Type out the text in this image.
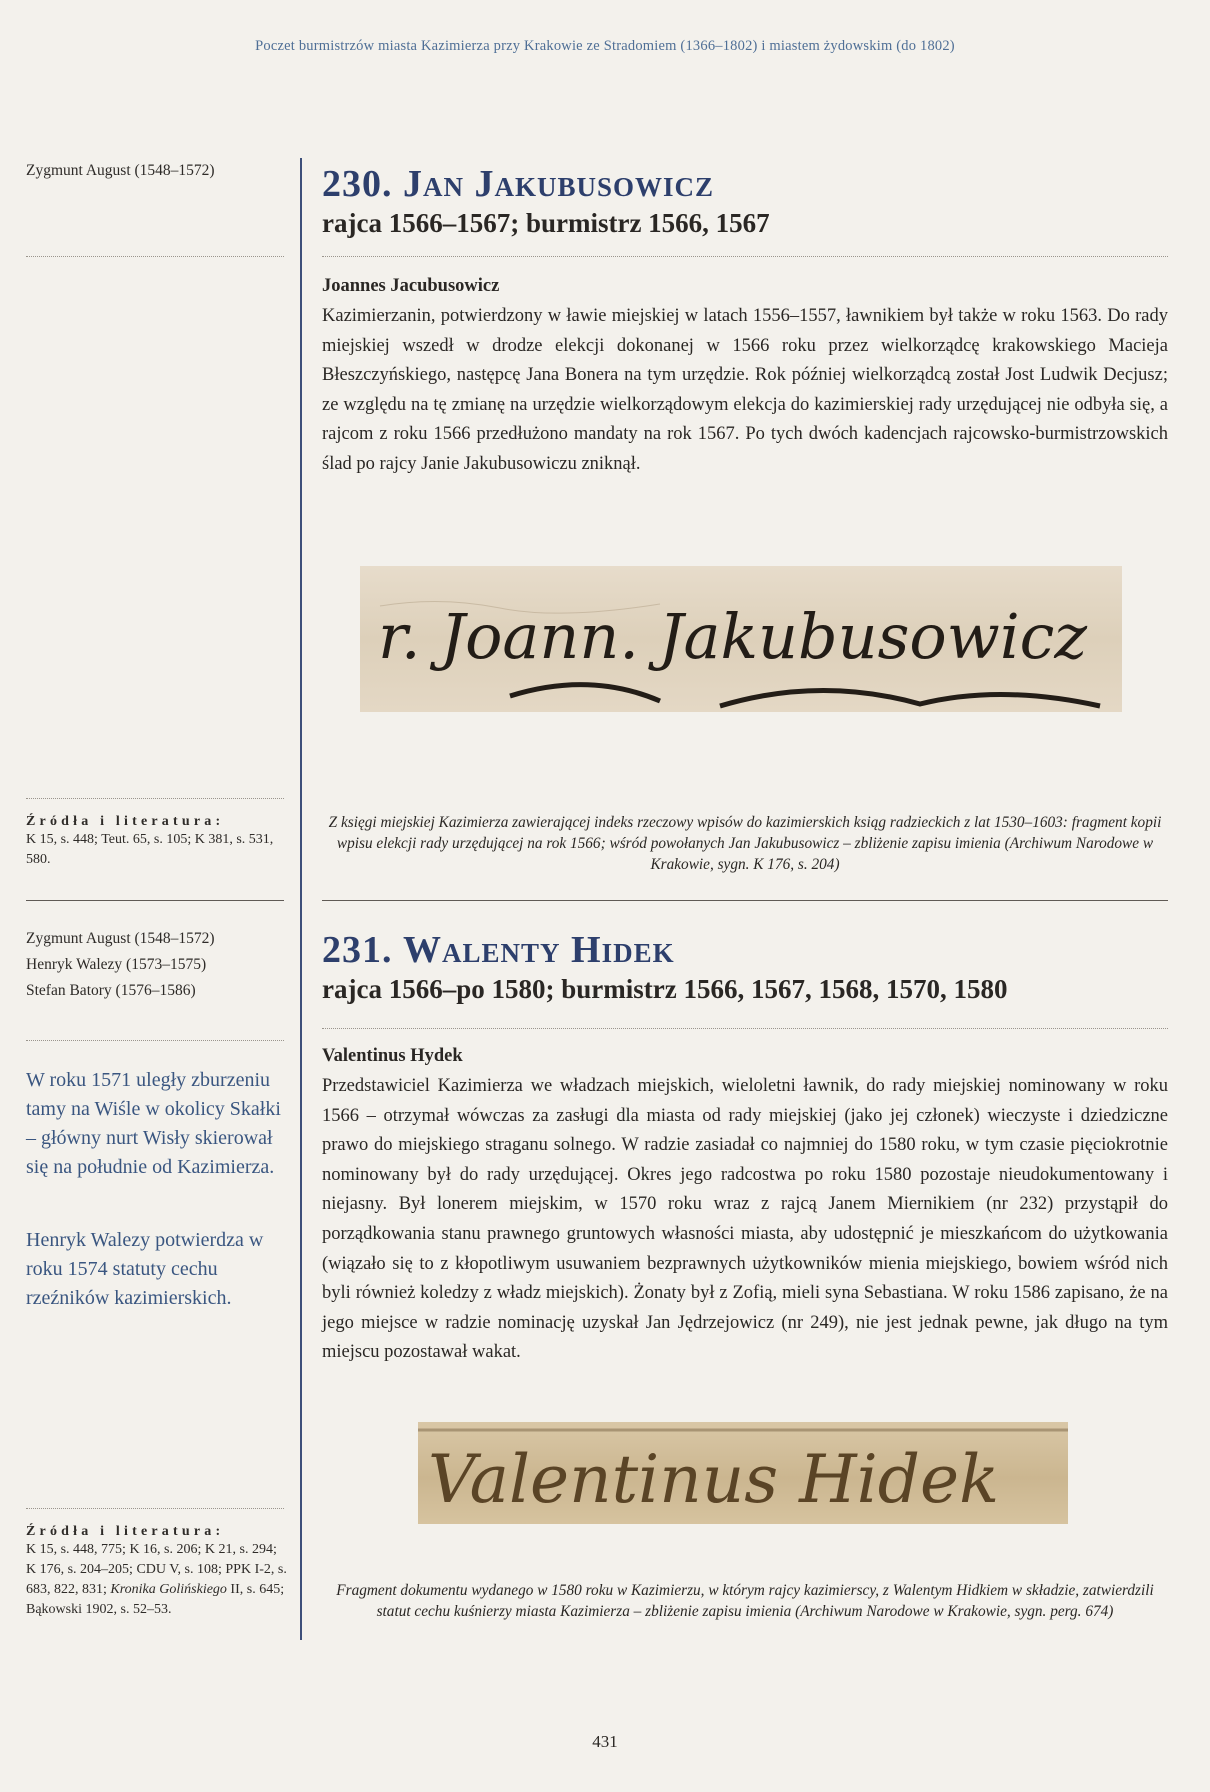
Poczet burmistrzów miasta Kazimierza przy Krakowie ze Stradomiem (1366–1802) i miastem żydowskim (do 1802)
Zygmunt August (1548–1572)
Źródła i literatura:
K 15, s. 448; Teut. 65, s. 105; K 381, s. 531, 580.
Zygmunt August (1548–1572)
Henryk Walezy (1573–1575)
Stefan Batory (1576–1586)
W roku 1571 uległy zburzeniu tamy na Wiśle w okolicy Skałki – główny nurt Wisły skierował się na południe od Kazimierza.
Henryk Walezy potwierdza w roku 1574 statuty cechu rzeźników kazimierskich.
Źródła i literatura:
K 15, s. 448, 775; K 16, s. 206; K 21, s. 294; K 176, s. 204–205; CDU V, s. 108; PPK I-2, s. 683, 822, 831; Kronika Golińskiego II, s. 645; Bąkowski 1902, s. 52–53.
230. Jan Jakubusowicz
rajca 1566–1567; burmistrz 1566, 1567
Joannes Jacubusowicz
Kazimierzanin, potwierdzony w ławie miejskiej w latach 1556–1557, ławnikiem był także w roku 1563. Do rady miejskiej wszedł w drodze elekcji dokonanej w 1566 roku przez wielkorządcę krakowskiego Macieja Błeszczyńskiego, następcę Jana Bonera na tym urzędzie. Rok później wielkorządcą został Jost Ludwik Decjusz; ze względu na tę zmianę na urzędzie wielkorządowym elekcja do kazimierskiej rady urzędującej nie odbyła się, a rajcom z roku 1566 przedłużono mandaty na rok 1567. Po tych dwóch kadencjach rajcowsko-burmistrzowskich ślad po rajcy Janie Jakubusowiczu zniknął.
r. Joann. Jakubusowicz
Z księgi miejskiej Kazimierza zawierającej indeks rzeczowy wpisów do kazimierskich ksiąg radzieckich z lat 1530–1603: fragment kopii wpisu elekcji rady urzędującej na rok 1566; wśród powołanych Jan Jakubusowicz – zbliżenie zapisu imienia (Archiwum Narodowe w Krakowie, sygn. K 176, s. 204)
231. Walenty Hidek
rajca 1566–po 1580; burmistrz 1566, 1567, 1568, 1570, 1580
Valentinus Hydek
Przedstawiciel Kazimierza we władzach miejskich, wieloletni ławnik, do rady miejskiej nominowany w roku 1566 – otrzymał wówczas za zasługi dla miasta od rady miejskiej (jako jej członek) wieczyste i dziedziczne prawo do miejskiego straganu solnego. W radzie zasiadał co najmniej do 1580 roku, w tym czasie pięciokrotnie nominowany był do rady urzędującej. Okres jego radcostwa po roku 1580 pozostaje nieudokumentowany i niejasny. Był lonerem miejskim, w 1570 roku wraz z rajcą Janem Miernikiem (nr 232) przystąpił do porządkowania stanu prawnego gruntowych własności miasta, aby udostępnić je mieszkańcom do użytkowania (wiązało się to z kłopotliwym usuwaniem bezprawnych użytkowników mienia miejskiego, bowiem wśród nich byli również koledzy z władz miejskich). Żonaty był z Zofią, mieli syna Sebastiana. W roku 1586 zapisano, że na jego miejsce w radzie nominację uzyskał Jan Jędrzejowicz (nr 249), nie jest jednak pewne, jak długo na tym miejscu pozostawał wakat.
Valentinus Hidek
Fragment dokumentu wydanego w 1580 roku w Kazimierzu, w którym rajcy kazimierscy, z Walentym Hidkiem w składzie, zatwierdzili statut cechu kuśnierzy miasta Kazimierza – zbliżenie zapisu imienia (Archiwum Narodowe w Krakowie, sygn. perg. 674)
431
